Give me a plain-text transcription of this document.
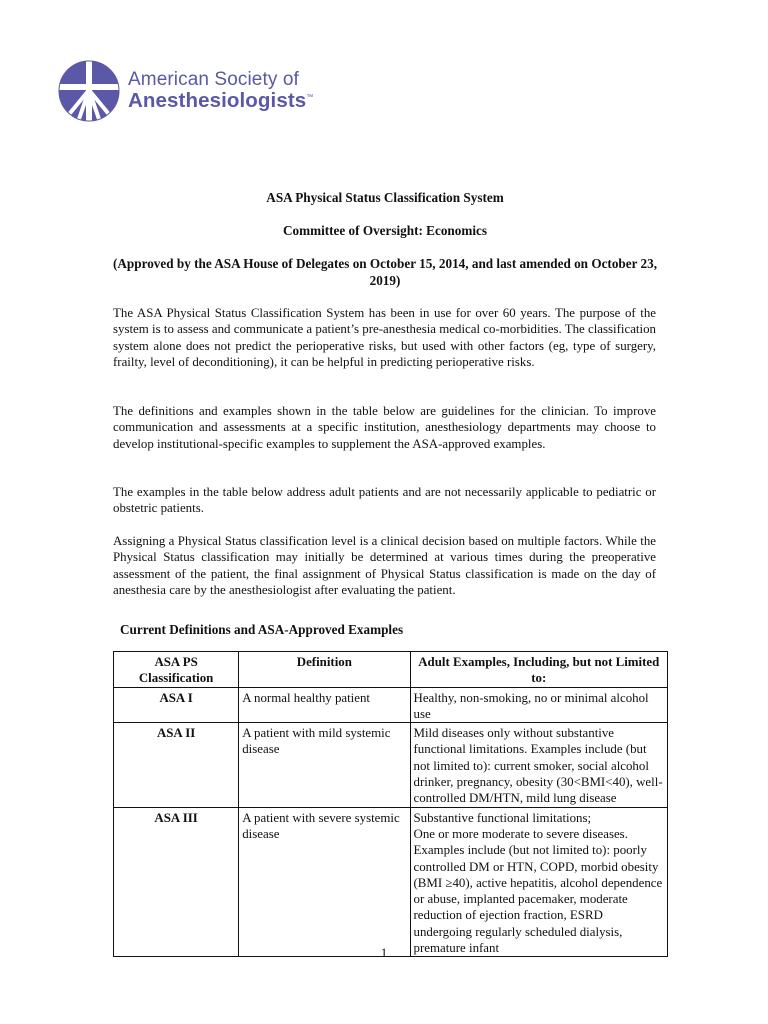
American Society of
Anesthesiologists™
ASA Physical Status Classification System
Committee of Oversight: Economics
(Approved by the ASA House of Delegates on October 15, 2014, and last amended on October 23, 2019)
The ASA Physical Status Classification System has been in use for over 60 years. The purpose of the system is to assess and communicate a patient’s pre-anesthesia medical co-morbidities. The classification system alone does not predict the perioperative risks, but used with other factors (eg, type of surgery, frailty, level of deconditioning), it can be helpful in predicting perioperative risks.
The definitions and examples shown in the table below are guidelines for the clinician. To improve communication and assessments at a specific institution, anesthesiology departments may choose to develop institutional-specific examples to supplement the ASA-approved examples.
The examples in the table below address adult patients and are not necessarily applicable to pediatric or obstetric patients.
Assigning a Physical Status classification level is a clinical decision based on multiple factors. While the Physical Status classification may initially be determined at various times during the preoperative assessment of the patient, the final assignment of Physical Status classification is made on the day of anesthesia care by the anesthesiologist after evaluating the patient.
Current Definitions and ASA-Approved Examples
ASA PS Classification	Definition	Adult Examples, Including, but not Limited to:
ASA I	A normal healthy patient	Healthy, non-smoking, no or minimal alcohol use
ASA II	A patient with mild systemic disease	Mild diseases only without substantive functional limitations. Examples include (but not limited to): current smoker, social alcohol drinker, pregnancy, obesity (30<BMI<40), well-controlled DM/HTN, mild lung disease
ASA III	A patient with severe systemic disease	Substantive functional limitations;
One or more moderate to severe diseases. Examples include (but not limited to): poorly controlled DM or HTN, COPD, morbid obesity (BMI ≥40), active hepatitis, alcohol dependence or abuse, implanted pacemaker, moderate reduction of ejection fraction, ESRD undergoing regularly scheduled dialysis, premature infant
1
